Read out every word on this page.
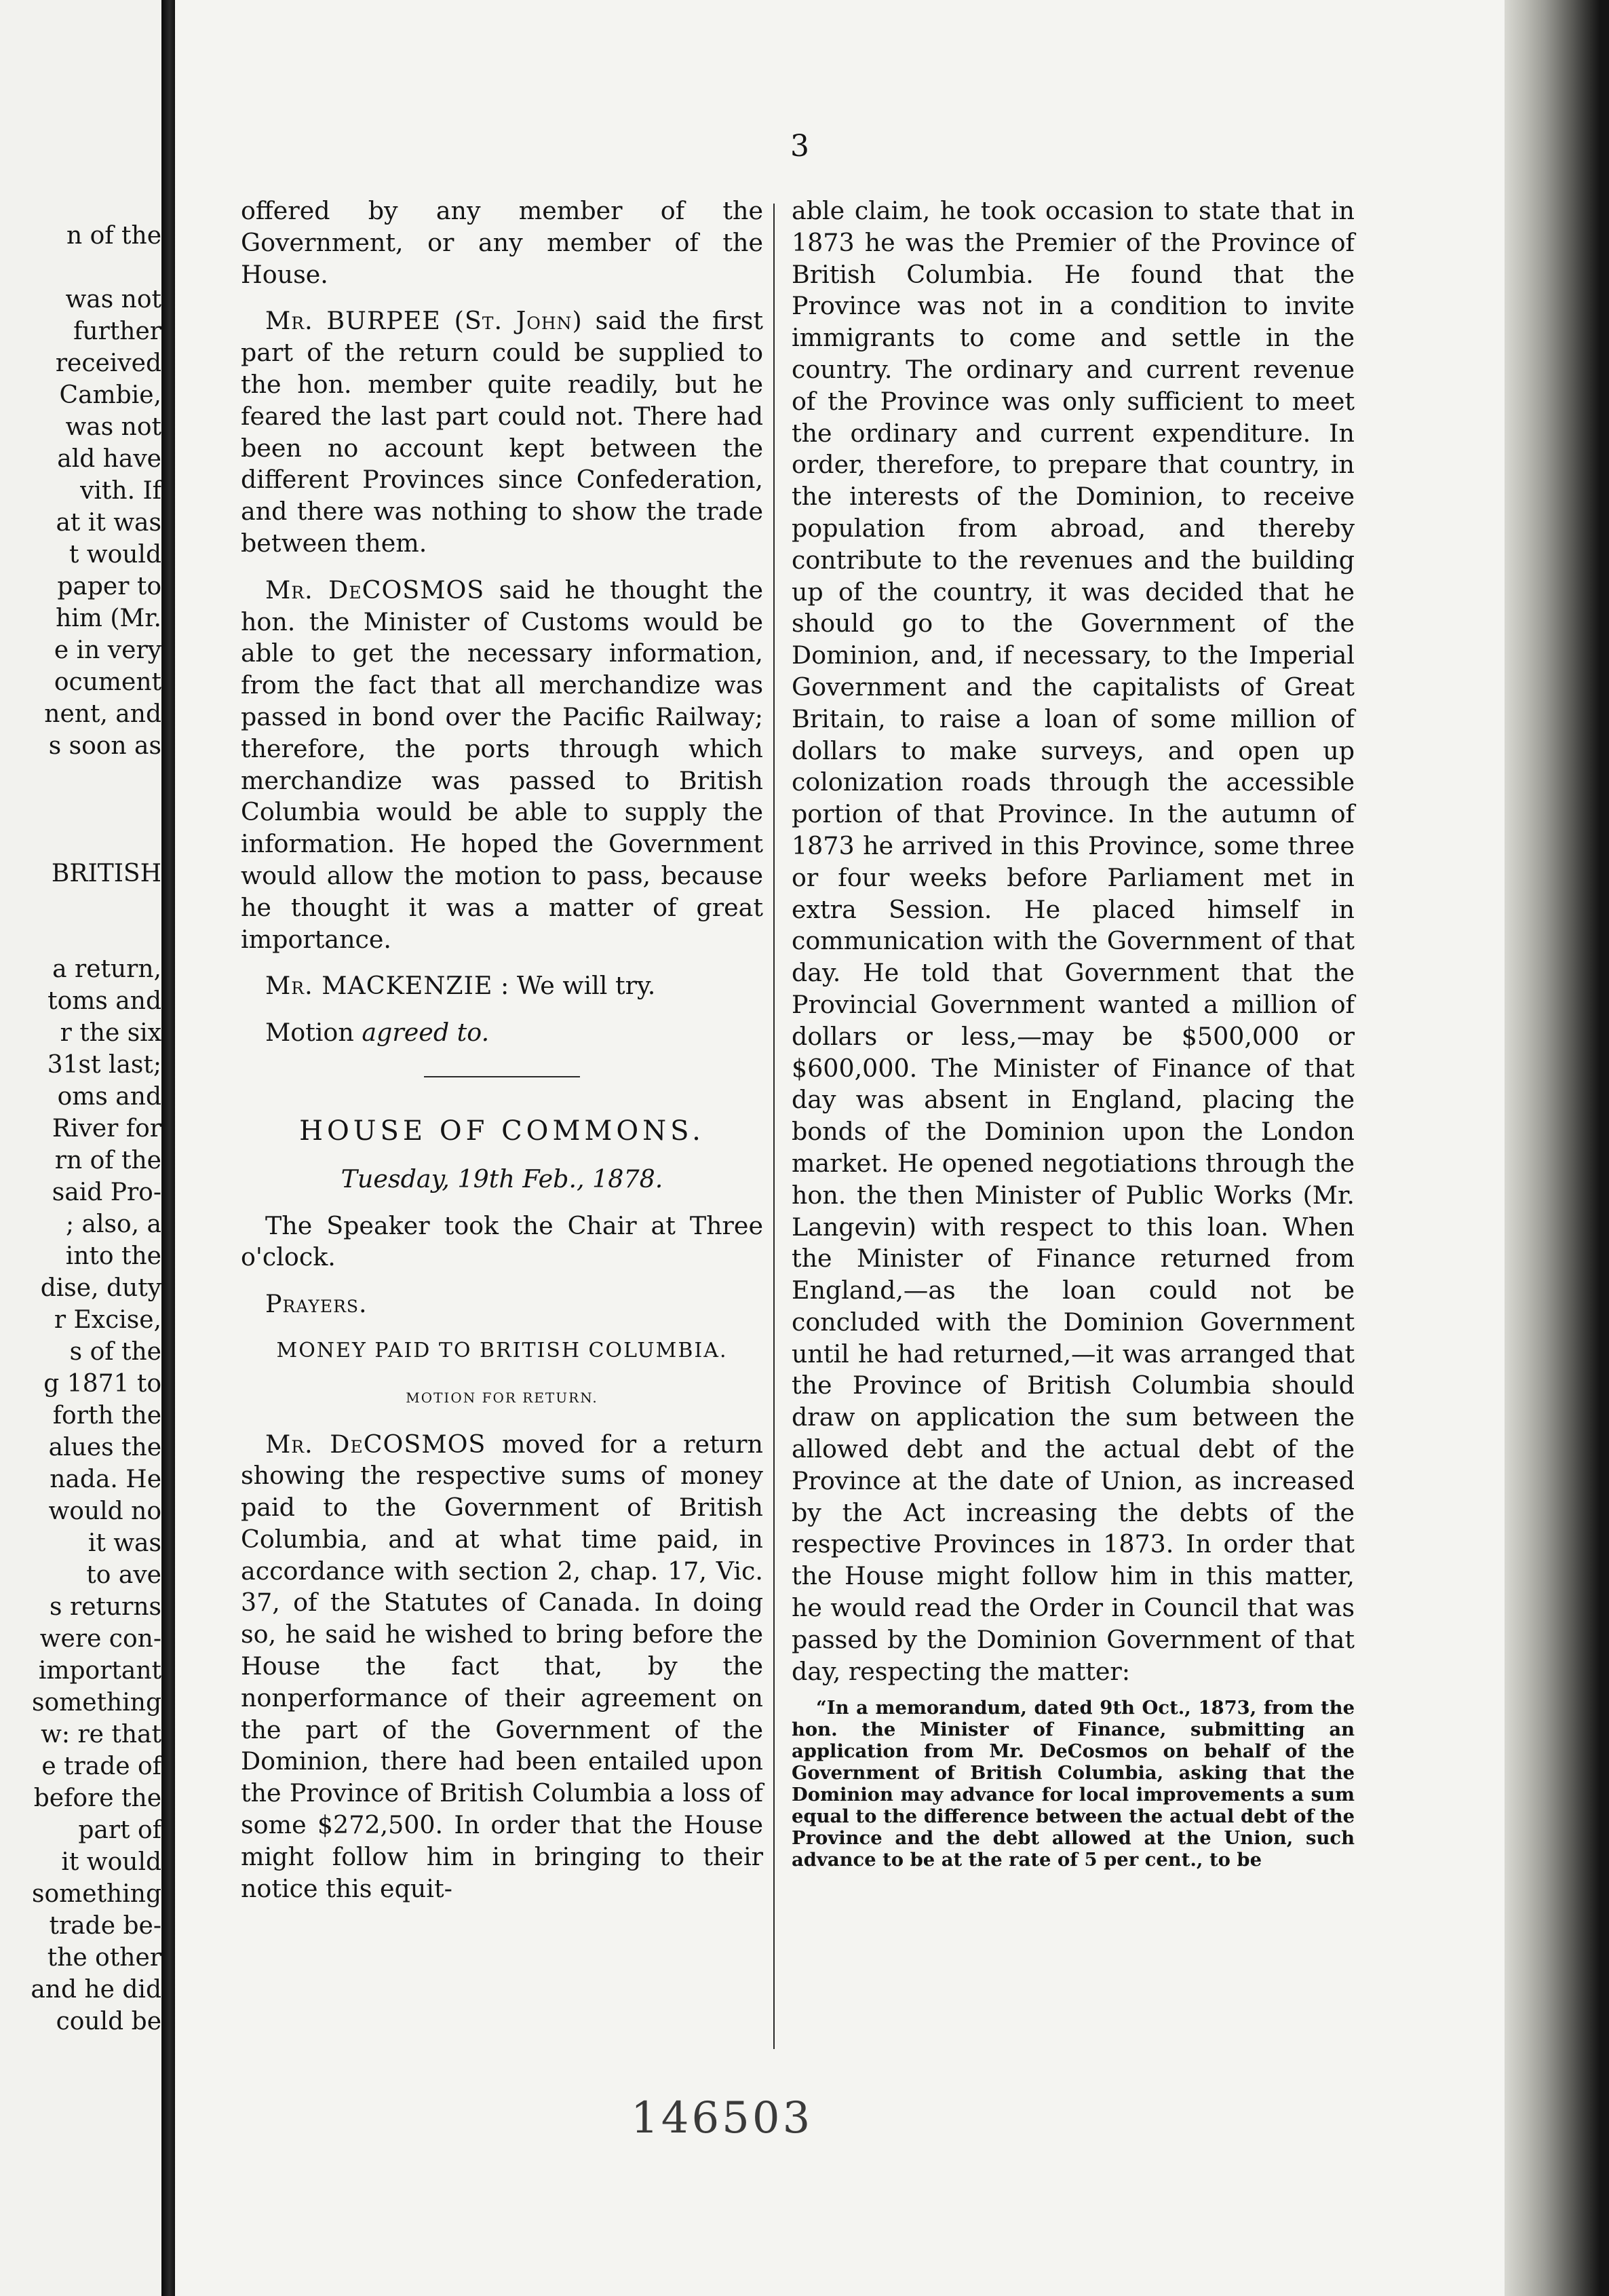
n of the
was not
further
received
Cambie,
was not
ald have
vith. If
at it was
t would
paper to
him (Mr.
e in very
ocument
nent, and
s soon as
BRITISH
a return,
toms and
r the six
31st last;
oms and
River for
rn of the
said Pro-
; also, a
into the
dise, duty
r Excise,
s of the
g 1871 to
forth the
alues the
nada. He
would no
it was
to ave
s returns
were con-
important
something
w: re that
e trade of
before the
part of
it would
something
trade be-
the other
and he did
could be
3

offered by any member of the Government, or any member of the House.

Mr. BURPEE (St. John) said the first part of the return could be supplied to the hon. member quite readily, but he feared the last part could not. There had been no account kept between the different Provinces since Confederation, and there was nothing to show the trade between them.

Mr. DeCOSMOS said he thought the hon. the Minister of Customs would be able to get the necessary information, from the fact that all merchandize was passed in bond over the Pacific Railway; therefore, the ports through which merchandize was passed to British Columbia would be able to supply the information. He hoped the Government would allow the motion to pass, because he thought it was a matter of great importance.

Mr. MACKENZIE : We will try.

Motion agreed to.

HOUSE OF COMMONS.

Tuesday, 19th Feb., 1878.

The Speaker took the Chair at Three o'clock.

Prayers.

MONEY PAID TO BRITISH COLUMBIA.

MOTION FOR RETURN.

Mr. DeCOSMOS moved for a return showing the respective sums of money paid to the Government of British Columbia, and at what time paid, in accordance with section 2, chap. 17, Vic. 37, of the Statutes of Canada. In doing so, he said he wished to bring before the House the fact that, by the nonperformance of their agreement on the part of the Government of the Dominion, there had been entailed upon the Province of British Columbia a loss of some $272,500. In order that the House might follow him in bringing to their notice this equit-

able claim, he took occasion to state that in 1873 he was the Premier of the Province of British Columbia. He found that the Province was not in a condition to invite immigrants to come and settle in the country. The ordinary and current revenue of the Province was only sufficient to meet the ordinary and current expenditure. In order, therefore, to prepare that country, in the interests of the Dominion, to receive population from abroad, and thereby contribute to the revenues and the building up of the country, it was decided that he should go to the Government of the Dominion, and, if necessary, to the Imperial Government and the capitalists of Great Britain, to raise a loan of some million of dollars to make surveys, and open up colonization roads through the accessible portion of that Province. In the autumn of 1873 he arrived in this Province, some three or four weeks before Parliament met in extra Session. He placed himself in communication with the Government of that day. He told that Government that the Provincial Government wanted a million of dollars or less,—may be $500,000 or $600,000. The Minister of Finance of that day was absent in England, placing the bonds of the Dominion upon the London market. He opened negotiations through the hon. the then Minister of Public Works (Mr. Langevin) with respect to this loan. When the Minister of Finance returned from England,—as the loan could not be concluded with the Dominion Government until he had returned,—it was arranged that the Province of British Columbia should draw on application the sum between the allowed debt and the actual debt of the Province at the date of Union, as increased by the Act increasing the debts of the respective Provinces in 1873. In order that the House might follow him in this matter, he would read the Order in Council that was passed by the Dominion Government of that day, respecting the matter:

“In a memorandum, dated 9th Oct., 1873, from the hon. the Minister of Finance, submitting an application from Mr. DeCosmos on behalf of the Government of British Columbia, asking that the Dominion may advance for local improvements a sum equal to the difference between the actual debt of the Province and the debt allowed at the Union, such advance to be at the rate of 5 per cent., to be

146503
